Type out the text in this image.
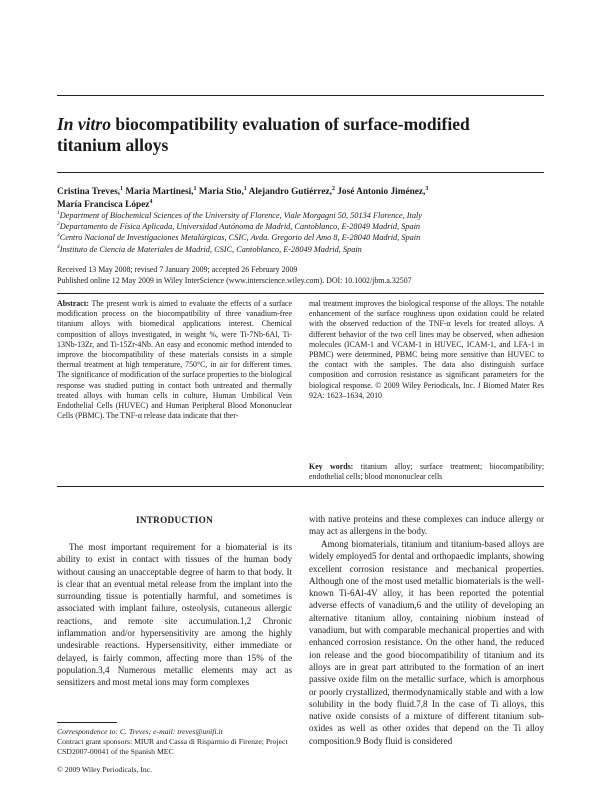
In vitro biocompatibility evaluation of surface-modified
titanium alloys

Cristina Treves,$^1$ Maria Martinesi,$^1$ Maria Stio,$^1$ Alejandro Gutiérrez,$^2$ José Antonio Jiménez,$^3$
María Francisca López$^4$

$^1$Department of Biochemical Sciences of the University of Florence, Viale Morgagni 50, 50134 Florence, Italy
$^2$Departamento de Física Aplicada, Universidad Autónoma de Madrid, Cantoblanco, E-28049 Madrid, Spain
$^3$Centro Nacional de Investigaciones Metalúrgicas, CSIC, Avda. Gregorio del Amo 8, E-28040 Madrid, Spain
$^4$Instituto de Ciencia de Materiales de Madrid, CSIC, Cantoblanco, E-28049 Madrid, Spain
Received 13 May 2008; revised 7 January 2009; accepted 26 February 2009
Published online 12 May 2009 in Wiley InterScience (www.interscience.wiley.com). DOI: 10.1002/jbm.a.32507

Abstract: The present work is aimed to evaluate the effects of a surface modification process on the biocompatibility of three vanadium-free titanium alloys with biomedical applications interest. Chemical composition of alloys investigated, in weight %, were Ti-7Nb-6Al, Ti-13Nb-13Zr, and Ti-15Zr-4Nb. An easy and economic method intended to improve the biocompatibility of these materials consists in a simple thermal treatment at high temperature, 750°C, in air for different times. The significance of modification of the surface properties to the biological response was studied putting in contact both untreated and thermally treated alloys with human cells in culture, Human Umbilical Vein Endothelial Cells (HUVEC) and Human Peripheral Blood Mononuclear Cells (PBMC). The TNF-α release data indicate that ther-

mal treatment improves the biological response of the alloys. The notable enhancement of the surface roughness upon oxidation could be related with the observed reduction of the TNF-α levels for treated alloys. A different behavior of the two cell lines may be observed, when adhesion molecules (ICAM-1 and VCAM-1 in HUVEC, ICAM-1, and LFA-1 in PBMC) were determined, PBMC being more sensitive than HUVEC to the contact with the samples. The data also distinguish surface composition and corrosion resistance as significant parameters for the biological response. © 2009 Wiley Periodicals, Inc. J Biomed Mater Res 92A: 1623–1634, 2010

Key words: titanium alloy; surface treatment; biocompatibility; endothelial cells; blood mononuclear cells

INTRODUCTION

The most important requirement for a biomaterial is its ability to exist in contact with tissues of the human body without causing an unacceptable degree of harm to that body. It is clear that an eventual metal release from the implant into the surrounding tissue is potentially harmful, and sometimes is associated with implant failure, osteolysis, cutaneous allergic reactions, and remote site accumulation.1,2 Chronic inflammation and/or hypersensitivity are among the highly undesirable reactions. Hypersensitivity, either immediate or delayed, is fairly common, affecting more than 15% of the population.3,4 Numerous metallic elements may act as sensitizers and most metal ions may form complexes

with native proteins and these complexes can induce allergy or may act as allergens in the body.

Among biomaterials, titanium and titanium-based alloys are widely employed5 for dental and orthopaedic implants, showing excellent corrosion resistance and mechanical properties. Although one of the most used metallic biomaterials is the well-known Ti-6Al-4V alloy, it has been reported the potential adverse effects of vanadium,6 and the utility of developing an alternative titanium alloy, containing niobium instead of vanadium, but with comparable mechanical properties and with enhanced corrosion resistance. On the other hand, the reduced ion release and the good biocompatibility of titanium and its alloys are in great part attributed to the formation of an inert passive oxide film on the metallic surface, which is amorphous or poorly crystallized, thermodynamically stable and with a low solubility in the body fluid.7,8 In the case of Ti alloys, this native oxide consists of a mixture of different titanium sub-oxides as well as other oxides that depend on the Ti alloy composition.9 Body fluid is considered

Correspondence to: C. Treves; e-mail: treves@unifi.it
Contract grant sponsors: MIUR and Cassa di Risparmio di Firenze; Project CSD2007-00041 of the Spanish MEC
© 2009 Wiley Periodicals, Inc.
